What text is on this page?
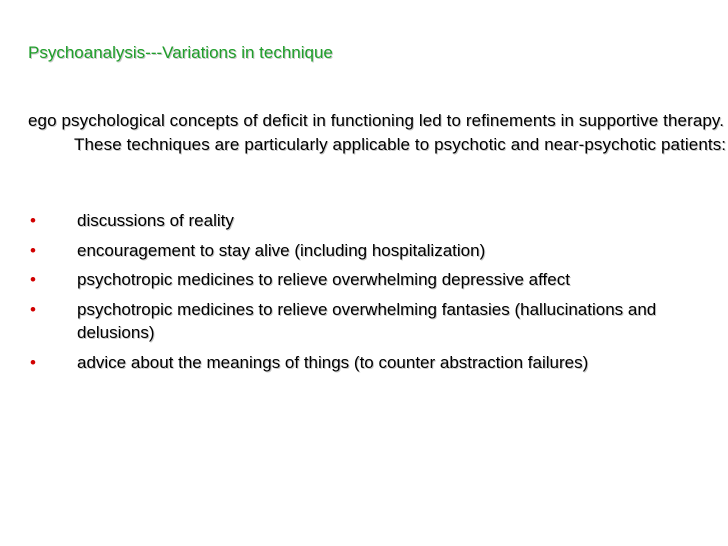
Psychoanalysis---Variations in technique
ego psychological concepts of deficit in functioning led to refinements in supportive therapy. These techniques are particularly applicable to psychotic and near-psychotic patients:
• discussions of reality
• encouragement to stay alive (including hospitalization)
• psychotropic medicines to relieve overwhelming depressive affect
• psychotropic medicines to relieve overwhelming fantasies (hallucinations and delusions)
• advice about the meanings of things (to counter abstraction failures)
